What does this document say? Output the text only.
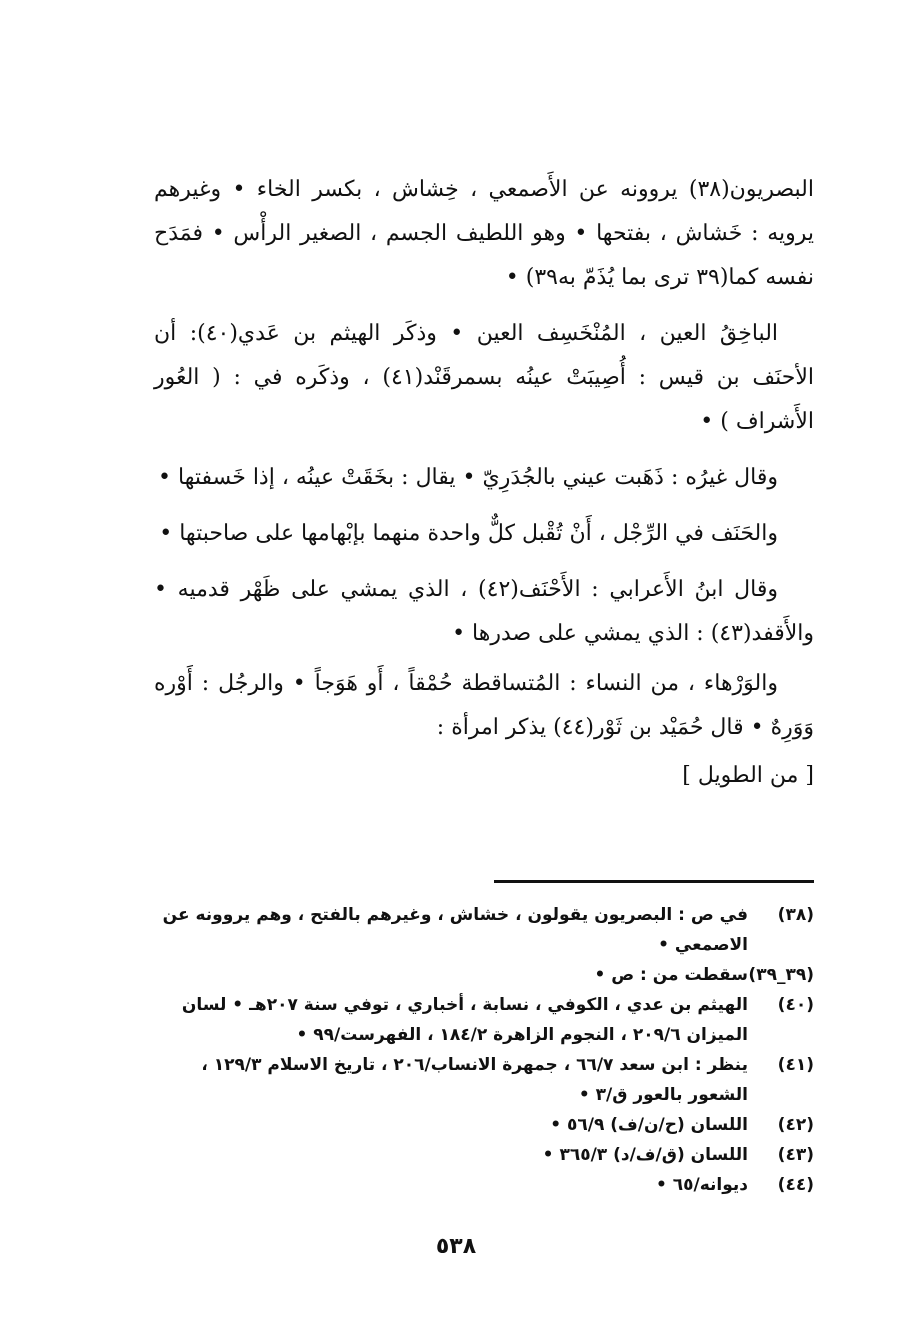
البصريون(٣٨) يروونه عن الأَصمعي ، خِشاش ، بكسر الخاء • وغيرهم يرويه : خَشاش ، بفتحها • وهو اللطيف الجسم ، الصغير الرأْس • فمَدَح نفسه كما(٣٩ ترى بما يُذَمّ به٣٩) •

الباخِقُ العين ، المُنْخَسِف العين • وذكَر الهيثم بن عَدي(٤٠): أن الأحنَف بن قيس : أُصِيبَتْ عينُه بسمرقَنْد(٤١) ، وذكَره في : ( العُور الأَشراف ) •

وقال غيرُه : ذَهَبت عيني بالجُدَرِيّ • يقال : بخَقَتْ عينُه ، إذا خَسفتها •

والحَنَف في الرِّجْل ، أَنْ تُقْبل كلٌّ واحدة منهما بإبْهامها على صاحبتها •

وقال ابنُ الأَعرابي : الأَحْنَف(٤٢) ، الذي يمشي على ظَهْر قدميه • والأَقفد(٤٣) : الذي يمشي على صدرها •

والوَرْهاء ، من النساء : المُتساقطة حُمْقاً ، أَو هَوَجاً • والرجُل : أَوْره وَوَرِهٌ • قال حُمَيْد بن ثَوْر(٤٤) يذكر امرأة :

[ من الطويل ]
(٣٨)
في ص : البصريون يقولون ، خشاش ، وغيرهم بالفتح ، وهم يروونه عن الاصمعي •
(٣٩_٣٩)
سقطت من : ص •
(٤٠)
الهيثم بن عدي ، الكوفي ، نسابة ، أخباري ، توفي سنة ٢٠٧هـ • لسان الميزان ٢٠٩/٦ ، النجوم الزاهرة ١٨٤/٢ ، الفهرست/٩٩ •
(٤١)
ينظر : ابن سعد ٦٦/٧ ، جمهرة الانساب/٢٠٦ ، تاريخ الاسلام ١٢٩/٣ ، الشعور بالعور ق/٣ •
(٤٢)
اللسان (ح/ن/ف) ٥٦/٩ •
(٤٣)
اللسان (ق/ف/د) ٣٦٥/٣ •
(٤٤)
ديوانه/٦٥ •
٥٣٨
